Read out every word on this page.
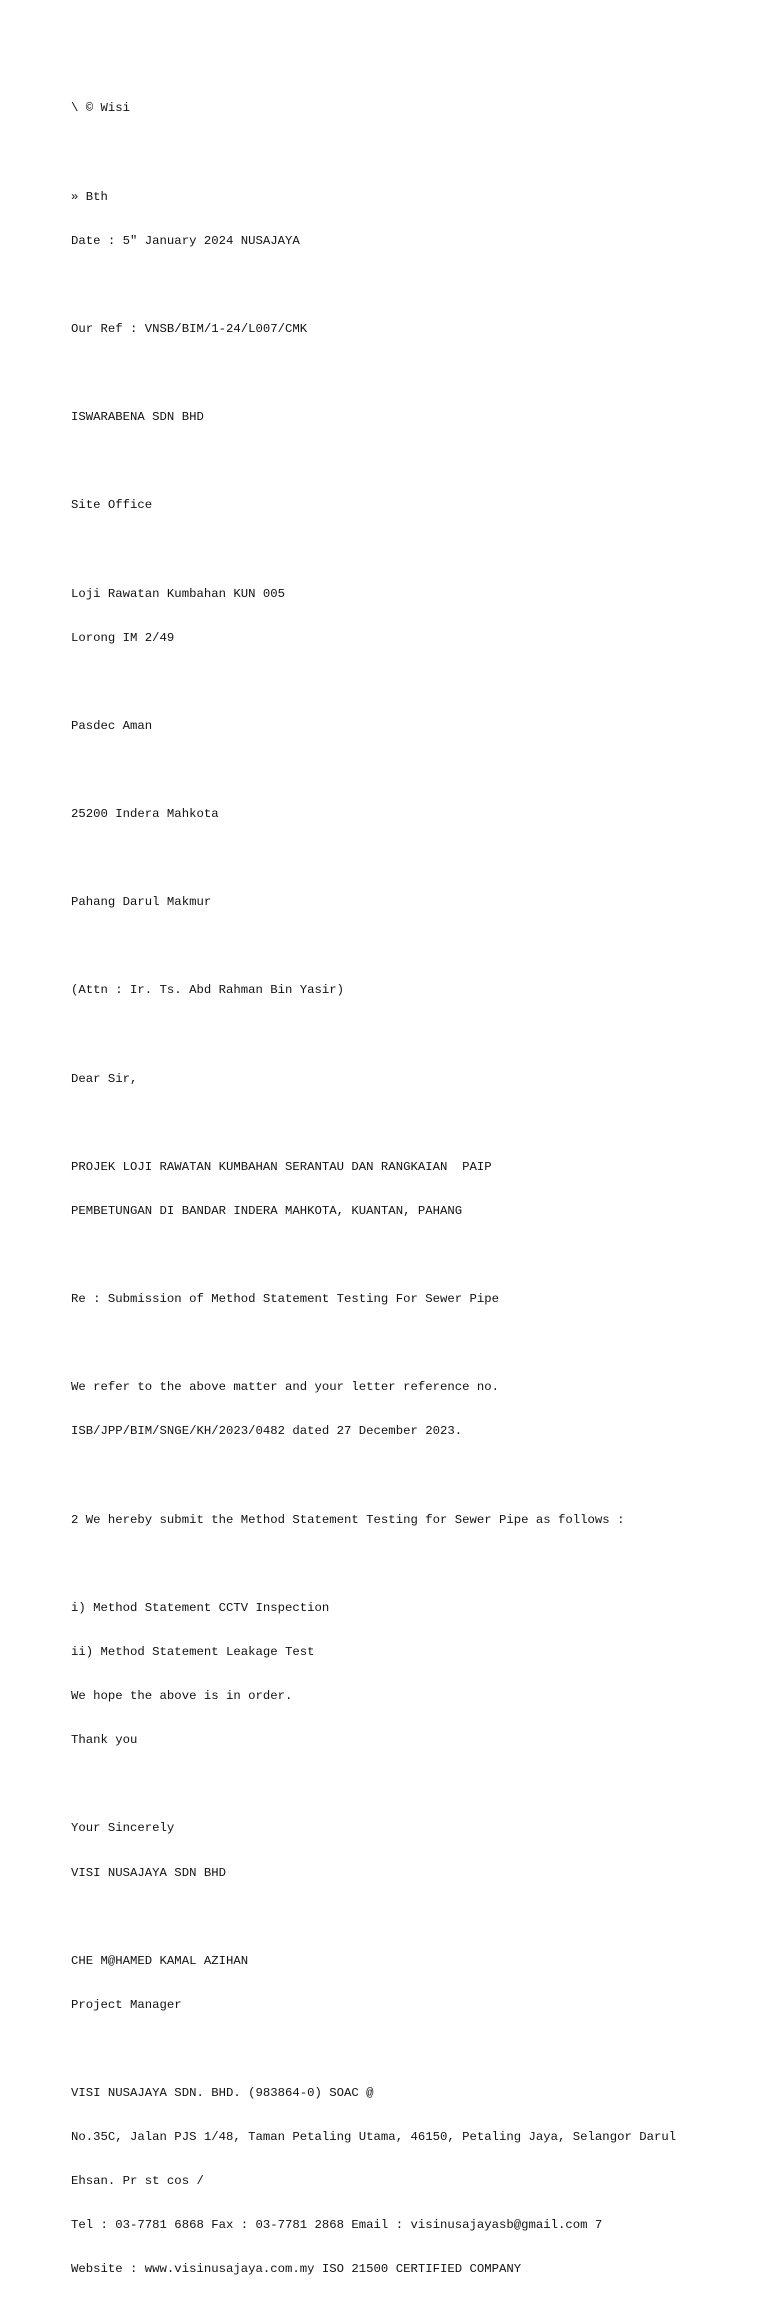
\ © Wisi

» Bth

Date : 5" January 2024 NUSAJAYA

Our Ref : VNSB/BIM/1-24/L007/CMK

ISWARABENA SDN BHD

Site Office

Loji Rawatan Kumbahan KUN 005

Lorong IM 2/49

Pasdec Aman

25200 Indera Mahkota

Pahang Darul Makmur

(Attn : Ir. Ts. Abd Rahman Bin Yasir)

Dear Sir,

PROJEK LOJI RAWATAN KUMBAHAN SERANTAU DAN RANGKAIAN  PAIP

PEMBETUNGAN DI BANDAR INDERA MAHKOTA, KUANTAN, PAHANG

Re : Submission of Method Statement Testing For Sewer Pipe

We refer to the above matter and your letter reference no.

ISB/JPP/BIM/SNGE/KH/2023/0482 dated 27 December 2023.

2 We hereby submit the Method Statement Testing for Sewer Pipe as follows :

i) Method Statement CCTV Inspection

ii) Method Statement Leakage Test

We hope the above is in order.

Thank you

Your Sincerely

VISI NUSAJAYA SDN BHD

CHE M@HAMED KAMAL AZIHAN

Project Manager

VISI NUSAJAYA SDN. BHD. (983864-0) SOAC @

No.35C, Jalan PJS 1/48, Taman Petaling Utama, 46150, Petaling Jaya, Selangor Darul

Ehsan. Pr st cos /

Tel : 03-7781 6868 Fax : 03-7781 2868 Email : visinusajayasb@gmail.com 7

Website : www.visinusajaya.com.my ISO 21500 CERTIFIED COMPANY
